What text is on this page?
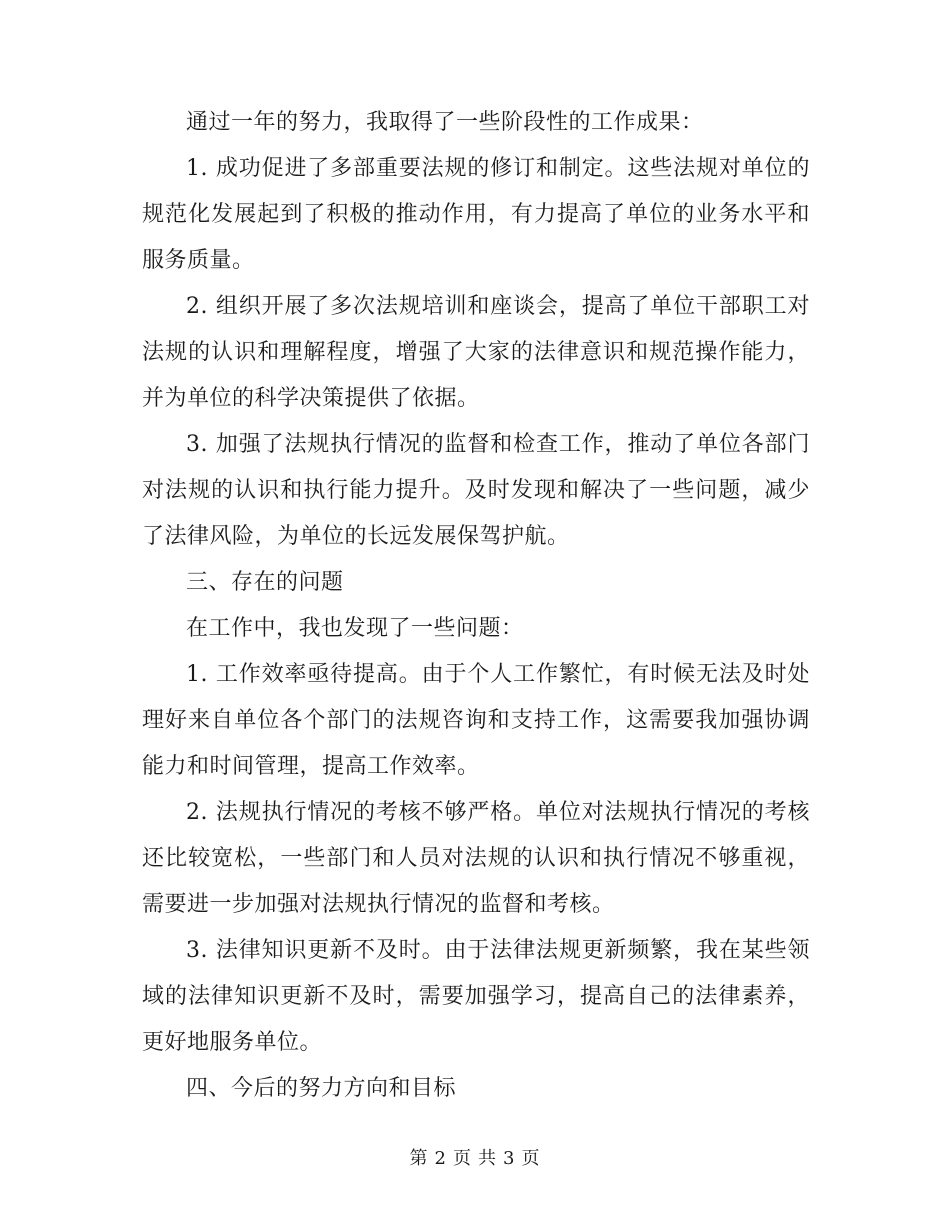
通过一年的努力，我取得了一些阶段性的工作成果：

1. 成功促进了多部重要法规的修订和制定。这些法规对单位的规范化发展起到了积极的推动作用，有力提高了单位的业务水平和服务质量。

2. 组织开展了多次法规培训和座谈会，提高了单位干部职工对法规的认识和理解程度，增强了大家的法律意识和规范操作能力，并为单位的科学决策提供了依据。

3. 加强了法规执行情况的监督和检查工作，推动了单位各部门对法规的认识和执行能力提升。及时发现和解决了一些问题，减少了法律风险，为单位的长远发展保驾护航。

三、存在的问题

在工作中，我也发现了一些问题：

1. 工作效率亟待提高。由于个人工作繁忙，有时候无法及时处理好来自单位各个部门的法规咨询和支持工作，这需要我加强协调能力和时间管理，提高工作效率。

2. 法规执行情况的考核不够严格。单位对法规执行情况的考核还比较宽松，一些部门和人员对法规的认识和执行情况不够重视，需要进一步加强对法规执行情况的监督和考核。

3. 法律知识更新不及时。由于法律法规更新频繁，我在某些领域的法律知识更新不及时，需要加强学习，提高自己的法律素养，更好地服务单位。

四、今后的努力方向和目标

第 2 页 共 3 页
